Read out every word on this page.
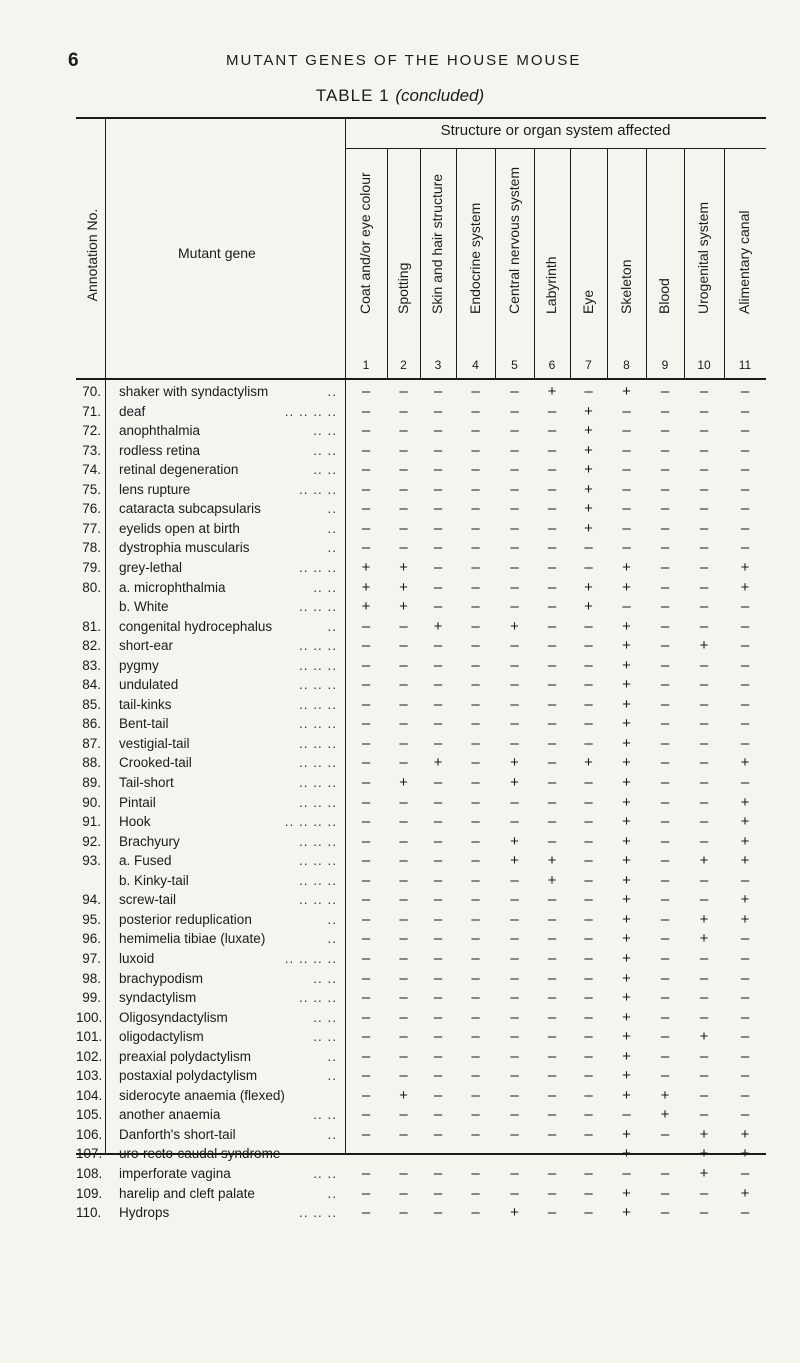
6	MUTANT GENES OF THE HOUSE MOUSE
TABLE 1 (concluded)
Structure or organ system affected
Annotation No.	Mutant gene
70. shaker with syndactylism	..	–	–	–	–	–	+	–	+	–	–	–
71. deaf	.. .. .. ..	–	–	–	–	–	–	+	–	–	–	–
72. anophthalmia	.. ..	–	–	–	–	–	–	+	–	–	–	–
73. rodless retina	.. ..	–	–	–	–	–	–	+	–	–	–	–
74. retinal degeneration	.. ..	–	–	–	–	–	–	+	–	–	–	–
75. lens rupture	.. .. ..	–	–	–	–	–	–	+	–	–	–	–
76. cataracta subcapsularis	..	–	–	–	–	–	–	+	–	–	–	–
77. eyelids open at birth	..	–	–	–	–	–	–	+	–	–	–	–
78. dystrophia muscularis	..	–	–	–	–	–	–	–	–	–	–	–
79. grey-lethal	.. .. ..	+	+	–	–	–	–	–	+	–	–	+
80. a. microphthalmia	.. ..	+	+	–	–	–	–	+	+	–	–	+
b. White	.. .. ..	+	+	–	–	–	–	+	–	–	–	–
81. congenital hydrocephalus	..	–	–	+	–	+	–	–	+	–	–	–
82. short-ear	.. .. ..	–	–	–	–	–	–	–	+	–	+	–
83. pygmy	.. .. ..	–	–	–	–	–	–	–	+	–	–	–
84. undulated	.. .. ..	–	–	–	–	–	–	–	+	–	–	–
85. tail-kinks	.. .. ..	–	–	–	–	–	–	–	+	–	–	–
86. Bent-tail	.. .. ..	–	–	–	–	–	–	–	+	–	–	–
87. vestigial-tail	.. .. ..	–	–	–	–	–	–	–	+	–	–	–
88. Crooked-tail	.. .. ..	–	–	+	–	+	–	+	+	–	–	+
89. Tail-short	.. .. ..	–	+	–	–	+	–	–	+	–	–	–
90. Pintail	.. .. ..	–	–	–	–	–	–	–	+	–	–	+
91. Hook	.. .. .. ..	–	–	–	–	–	–	–	+	–	–	+
92. Brachyury	.. .. ..	–	–	–	–	+	–	–	+	–	–	+
93. a. Fused	.. .. ..	–	–	–	–	+	+	–	+	–	+	+
b. Kinky-tail	.. .. ..	–	–	–	–	–	+	–	+	–	–	–
94. screw-tail	.. .. ..	–	–	–	–	–	–	–	+	–	–	+
95. posterior reduplication	..	–	–	–	–	–	–	–	+	–	+	+
96. hemimelia tibiae (luxate)	..	–	–	–	–	–	–	–	+	–	+	–
97. luxoid	.. .. .. ..	–	–	–	–	–	–	–	+	–	–	–
98. brachypodism	.. ..	–	–	–	–	–	–	–	+	–	–	–
99. syndactylism	.. .. ..	–	–	–	–	–	–	–	+	–	–	–
100. Oligosyndactylism	.. ..	–	–	–	–	–	–	–	+	–	–	–
101. oligodactylism	.. ..	–	–	–	–	–	–	–	+	–	+	–
102. preaxial polydactylism	..	–	–	–	–	–	–	–	+	–	–	–
103. postaxial polydactylism	..	–	–	–	–	–	–	–	+	–	–	–
104. siderocyte anaemia (flexed)	–	+	–	–	–	–	–	+	+	–	–
105. another anaemia	.. ..	–	–	–	–	–	–	–	–	+	–	–
106. Danforth's short-tail	..	–	–	–	–	–	–	–	+	–	+	+
107. uro-recto-caudal syndrome	–	–	–	–	–	–	–	+	–	+	+
108. imperforate vagina	.. ..	–	–	–	–	–	–	–	–	–	+	–
109. harelip and cleft palate	..	–	–	–	–	–	–	–	+	–	–	+
110. Hydrops	.. .. ..	–	–	–	–	+	–	–	+	–	–	–
Coat and/or eye colour
1
Spotting
2
Skin and hair structure
3
Endocrine system
4
Central nervous system
5
Labyrinth
6
Eye
7
Skeleton
8
Blood
9
Urogenital system
10
Alimentary canal
11
